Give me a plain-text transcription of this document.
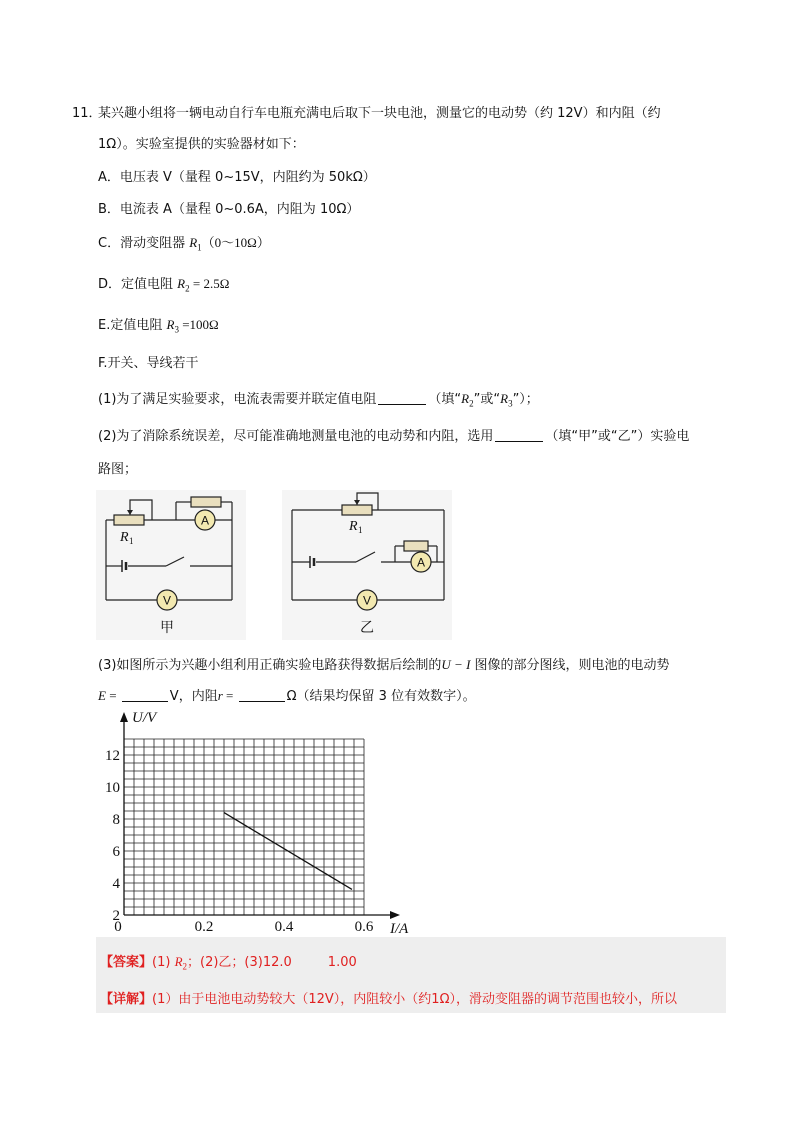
11．
某兴趣小组将一辆电动自行车电瓶充满电后取下一块电池，测量它的电动势（约 12V）和内阻（约
1Ω）。实验室提供的实验器材如下：
A．电压表 V（量程 0~15V，内阻约为 50kΩ）
B．电流表 A（量程 0~0.6A，内阻为 10Ω）
C．滑动变阻器 $R_1(0\sim 10\Omega)$
D．定值电阻 $R_2 = 2.5\Omega$
E.定值电阻 $R_3 =100\Omega$
F.开关、导线若干
(1)为了满足实验要求，电流表需要并联定值电阻	（填“$R_2$”或“$R_3$”）；
(2)为了消除系统误差，尽可能准确地测量电池的电动势和内阻，选用	（填“甲”或“乙”）实验电
路图；
A
V
R 1
甲
A
V
R 1
乙
(3)如图所示为兴趣小组利用正确实验电路获得数据后绘制的U − I 图像的部分图线，则电池的电动势
E =	V，内阻r =	Ω（结果均保留 3 位有效数字）。
0	0.2	0.4	0.6
2
4
6
8
10
12
I/A
U/V
【答案】(1) $R_2$；(2)乙；(3)12.0	1.00
【详解】(1）由于电池电动势较大（12V），内阻较小（约1Ω），滑动变阻器的调节范围也较小，所以
